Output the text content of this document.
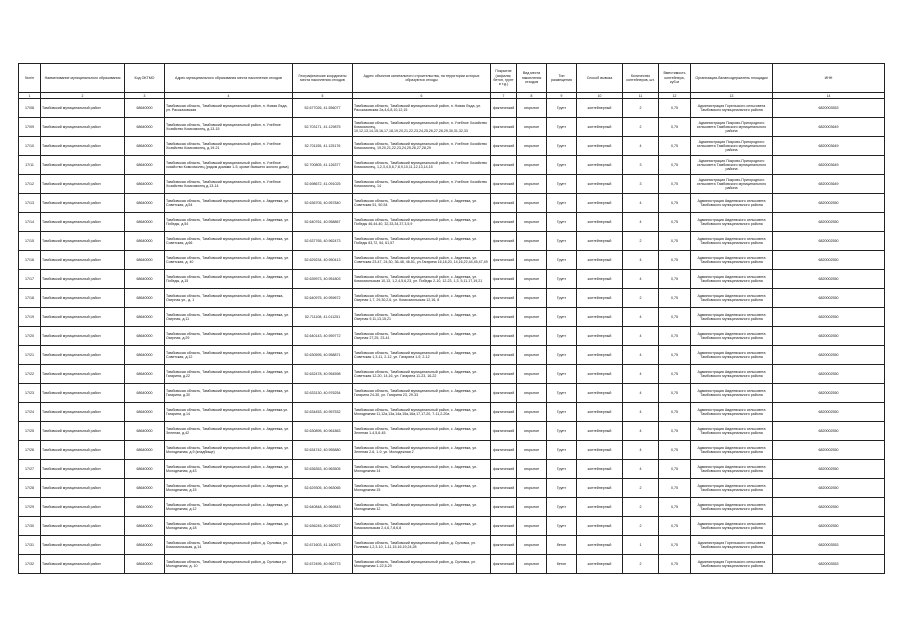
№п/п	Наименование муниципального образования	Код ОКТМО	Адрес муниципального образования места накопления отходов	Географические координаты места накопления отходов	Адрес объектов капитального строительства, на территории которых образуются отходы	Покрытие (асфальт, бетон, грунт и т.д.)	Вид места накопления отходов	Тип размещения	Способ вывоза	Количество контейнеров, шт.	Вместимость контейнера, куб.м	Организация-балансодержатель площадки	ИНН
1	2	3	4	5	6	7	8	9	10	11	12	13	14
17/08	Тамбовский муниципальный район	68640000	Тамбовская область, Тамбовский муниципальный район, п. Новая Ляда, ул. Рассказовская	52.677026, 41.556077	Тамбовская область, Тамбовский муниципальный район, п. Новая Ляда, ул. Рассказовская 2а,4,6,8,10,12,15	фактический	открытое	Грунт	контейнерный	2	0,75	Администрация Горельского сельсовета Тамбовского муниципального района	6820003553
17/09	Тамбовский муниципальный район	68640000	Тамбовская область, Тамбовский муниципальный район, п. Учебное Хозяйство Комсомолец, д.13-15	52.703171, 41.129875	Тамбовская область, Тамбовский муниципальный район, п. Учебное Хозяйство Комсомолец, 10,12,13,14,15,16,17,18,19,20,21,22,23,24,25,26,27,28,29,30,31,32,33	фактический	открытое	Грунт	контейнерный	2	0,75	Администрация Покрово-Пригородного сельсовета Тамбовского муниципального района	6820003649
17/10	Тамбовский муниципальный район	68640000	Тамбовская область, Тамбовский муниципальный район, п. Учебное Хозяйство Комсомолец, д.19-21	52.701155, 41.125176	Тамбовская область, Тамбовский муниципальный район, п. Учебное Хозяйство Комсомолец, 19,20,21,22,23,24,25,26,27,28,29	фактический	открытое	Грунт	контейнерный	4	0,75	Администрация Покрово-Пригородного сельсовета Тамбовского муниципального района	6820003649
17/11	Тамбовский муниципальный район	68640000	Тамбовская область, Тамбовский муниципальный район, п. Учебное хозяйство Комсомолец (рядом домами 1-5, кроме бывшего жилого дома)	52.700805, 41.126377	Тамбовская область, Тамбовский муниципальный район, п. Учебное Хозяйство Комсомолец, 1,2,3,4,5,6,7,8,9,10,11,12,13,14,15	фактический	открытое	Грунт	контейнерный	3	0,75	Администрация Покрово-Пригородного сельсовета Тамбовского муниципального района	6820003649
17/12	Тамбовский муниципальный район	68640000	Тамбовская область, Тамбовский муниципальный район, п. Учебное Хозяйство Комсомолец д.13-14	52.698672, 41.091025	Тамбовская область, Тамбовский муниципальный район, п. Учебное Хозяйство Комсомолец, 14	фактический	открытое	Грунт	контейнерный	3	0,75	Администрация Покрово-Пригородного сельсовета Тамбовского муниципального района	6820003649
17/13	Тамбовский муниципальный район	68640000	Тамбовская область, Тамбовский муниципальный район, с. Авдеевка, ул. Советская, д.54	52.636705, 40.957840	Тамбовская область, Тамбовский муниципальный район, с. Авдеевка, ул. Советская 51, 50-54	фактический	открытое	Грунт	контейнерный	4	0,75	Администрация Авдеевского сельсовета Тамбовского муниципального района	6820002550
17/14	Тамбовский муниципальный район	68640000	Тамбовская область, Тамбовский муниципальный район, с. Авдеевка, ул. Победы, д.54	52.640761, 40.958867	Тамбовская область, Тамбовский муниципальный район, с. Авдеевка, ул. Победы 46,44-40, 32,33,34,37,3,5,9	фактический	открытое	Грунт	контейнерный	4	0,75	Администрация Авдеевского сельсовета Тамбовского муниципального района	6820002550
17/15	Тамбовский муниципальный район	68640000	Тамбовская область, Тамбовский муниципальный район, с. Авдеевка, ул. Советская, д.66	52.637765, 40.962473	Тамбовская область, Тамбовский муниципальный район, с. Авдеевка, ул. Победы 63,72, 54, 61,57	фактический	открытое	Грунт	контейнерный	2	0,75	Администрация Авдеевского сельсовета Тамбовского муниципального района	6820002550
17/16	Тамбовский муниципальный район	68640000	Тамбовская область, Тамбовский муниципальный район, с. Авдеевка, ул. Советская, д. 40	52.629234, 40.950413	Тамбовская область, Тамбовский муниципальный район, с. Авдеевка, ул. Советская 23-47, 24,30, 36-48, 46-51, ул.Гагарина 16,18,20, 14,16,22,44,45,47,49	фактический	открытое	Грунт	контейнерный	4	0,75	Администрация Авдеевского сельсовета Тамбовского муниципального района	6820002550
17/17	Тамбовский муниципальный район	68640000	Тамбовская область, Тамбовский муниципальный район, с. Авдеевка, ул. Победы, д.15	52.639973, 40.951803	Тамбовская область, Тамбовский муниципальный район, с. Авдеевка, ул. Комсомольская 10,13, 1,2,4,5,6,23, ул. Победы 2-10, 12-23, 1,3, 5,11,17,19,21	фактический	открытое	Грунт	контейнерный	4	0,75	Администрация Авдеевского сельсовета Тамбовского муниципального района	6820002550
17/18	Тамбовский муниципальный район	68640000	Тамбовская область, Тамбовский муниципальный район, с. Авдеевка, Озерная ул., д. 1	52.640975, 40.959672	Тамбовская область, Тамбовский муниципальный район, с. Авдеевка, ул. Озерная 1,7, 29,30,2,6, ул. Комсомольская 12,16, 8	фактический	открытое	Грунт	контейнерный	2	0,75	Администрация Авдеевского сельсовета Тамбовского муниципального района	6820002550
17/19	Тамбовский муниципальный район	68640000	Тамбовская область, Тамбовский муниципальный район, с. Авдеевка, ул. Озерная, д.11	52.711108, 41.011251	Тамбовская область, Тамбовский муниципальный район, с. Авдеевка, ул. Озерная 9,11,13,15,21	фактический	открытое	Грунт	контейнерный	4	0,75	Администрация Авдеевского сельсовета Тамбовского муниципального района	6820002550
17/20	Тамбовский муниципальный район	68640000	Тамбовская область, Тамбовский муниципальный район, с. Авдеевка, ул. Озерная, д.29	52.640143, 40.959772	Тамбовская область, Тамбовский муниципальный район, с. Авдеевка, ул. Озерная 27,25, 23-41	фактический	открытое	Грунт	контейнерный	4	0,75	Администрация Авдеевского сельсовета Тамбовского муниципального района	6820002550
17/21	Тамбовский муниципальный район	68640000	Тамбовская область, Тамбовский муниципальный район, с. Авдеевка, ул. Советская, д.12	52.630595, 40.958871	Тамбовская область, Тамбовский муниципальный район, с. Авдеевка, ул. Советская 1,3-11, 2-12, ул. Гагарина 1-9, 2-12	фактический	открытое	Грунт	контейнерный	4	0,75	Администрация Авдеевского сельсовета Тамбовского муниципального района	6820002550
17/22	Тамбовский муниципальный район	68640000	Тамбовская область, Тамбовский муниципальный район, с. Авдеевка, ул. Гагарина, д.22	52.632478, 40.954598	Тамбовская область, Тамбовский муниципальный район, с. Авдеевка, ул. Советская 12-20, 14,16, ул. Гагарина 11-23, 16-22	фактический	открытое	Грунт	контейнерный	4	0,75	Администрация Авдеевского сельсовета Тамбовского муниципального района	6820002550
17/23	Тамбовский муниципальный район	68640000	Тамбовская область, Тамбовский муниципальный район, с. Авдеевка, ул. Гагарина, д.30	52.633130, 40.976254	Тамбовская область, Тамбовский муниципальный район, с. Авдеевка, ул. Гагарина 24-30, ул. Гагарина 23, 29-33	фактический	открытое	Грунт	контейнерный	4	0,75	Администрация Авдеевского сельсовета Тамбовского муниципального района	6820002550
17/24	Тамбовский муниципальный район	68640000	Тамбовская область, Тамбовский муниципальный район, с. Авдеевка ул. Гагарина, д.14	52.634453, 40.957532	Тамбовская область, Тамбовский муниципальный район, с. Авдеевка, ул. Молодежная 11,12а,13а,14а,15а,16а,17,17-20, 7-11,2-20а	фактический	открытое	Грунт	контейнерный	4	0,75	Администрация Авдеевского сельсовета Тамбовского муниципального района	6820002550
17/25	Тамбовский муниципальный район	68640000	Тамбовская область, Тамбовский муниципальный район, с. Авдеевка, ул. Зеленая, д.42	52.630895, 40.961863	Тамбовская область, Тамбовский муниципальный район, с. Авдеевка, ул. Зеленая 1-4,5,6-45	фактический	открытое	Грунт	контейнерный	4	0,75	Администрация Авдеевского сельсовета Тамбовского муниципального района	6820002550
17/26	Тамбовский муниципальный район	68640000	Тамбовская область, Тамбовский муниципальный район, с. Авдеевка, ул. Молодежная, д.9 (кладбище)	52.634742, 40.955880	Тамбовская область, Тамбовский муниципальный район, с. Авдеевка, ул. Зеленая 2-6, 1-9, ул. Молодежная 2	фактический	открытое	Грунт	контейнерный	4	0,75	Администрация Авдеевского сельсовета Тамбовского муниципального района	6820002550
17/27	Тамбовский муниципальный район	68640000	Тамбовская область, Тамбовский муниципальный район, с. Авдеевка, ул. Молодежная, д.43	52.636353, 40.963505	Тамбовская область, Тамбовский муниципальный район, с. Авдеевка, ул. Молодежная 14	фактический	открытое	Грунт	контейнерный	4	0,75	Администрация Авдеевского сельсовета Тамбовского муниципального района	6820002550
17/28	Тамбовский муниципальный район	68640000	Тамбовская область, Тамбовский муниципальный район, с. Авдеевка, ул. Молодежная, д.15	52.629305, 40.963065	Тамбовская область, Тамбовский муниципальный район, с. Авдеевка, ул. Молодежная 15	фактический	открытое	Грунт	контейнерный	2	0,75	Администрация Авдеевского сельсовета Тамбовского муниципального района	6820002550
17/29	Тамбовский муниципальный район	68640000	Тамбовская область, Тамбовский муниципальный район, с. Авдеевка, ул. Молодежная, д.12	52.640848, 40.969843	Тамбовская область, Тамбовский муниципальный район, с. Авдеевка, ул. Молодежная 12	фактический	открытое	Грунт	контейнерный	2	0,75	Администрация Авдеевского сельсовета Тамбовского муниципального района	6820002550
17/30	Тамбовский муниципальный район	68640000	Тамбовская область, Тамбовский муниципальный район, с. Авдеевка, ул. Молодежная, д.18	52.636245, 40.962527	Тамбовская область, Тамбовский муниципальный район, с. Авдеевка, ул. Комсомольская 2,4,6,7,8,6,8	фактический	открытое	Грунт	контейнерный	2	0,75	Администрация Авдеевского сельсовета Тамбовского муниципального района	6820002550
17/31	Тамбовский муниципальный район	68640000	Тамбовская область, Тамбовский муниципальный район, д. Орловка, ул. Комсомольская, д.14	52.671603, 41.180973	Тамбовская область, Тамбовский муниципальный район, д. Орловка, ул. Полевая 1,2,3-10, 1-11,15,16,19,24,28	фактический	открытое	бетон	контейнерный	1	0,75	Администрация Горельского сельсовета Тамбовского муниципального района	6820003553
17/32	Тамбовский муниципальный район	68640000	Тамбовская область, Тамбовский муниципальный район, д. Орловка ул. Молодежная, д. 10	52.672495, 40.962773	Тамбовская область, Тамбовский муниципальный район, д. Орловка, ул. Молодежная 1-22,5-20	фактический	открытое	бетон	контейнерный	2	0,75	Администрация Горельского сельсовета Тамбовского муниципального района	6820003553
